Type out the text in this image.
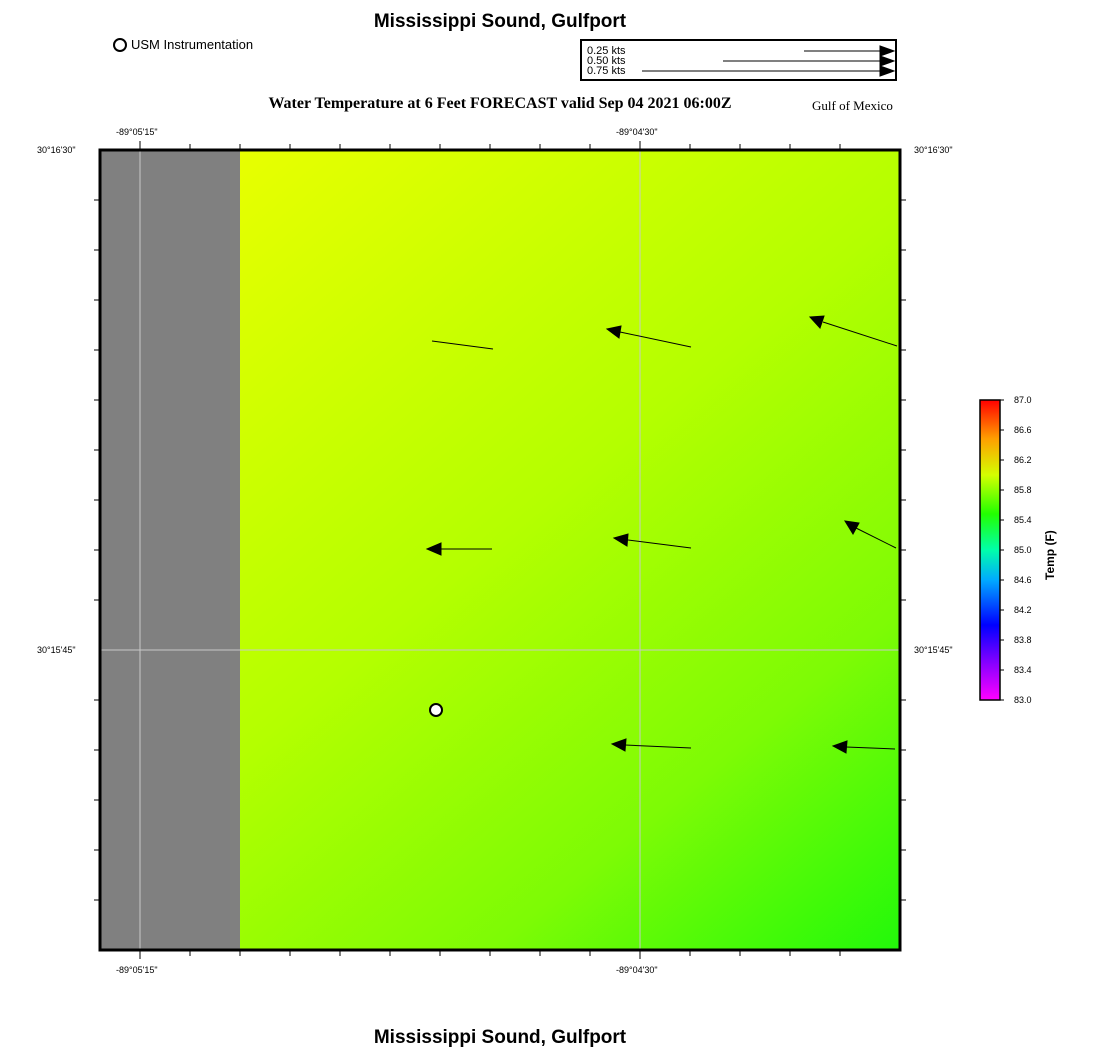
Mississippi Sound, Gulfport
USM Instrumentation	0.25 kts
0.50 kts
0.75 kts
Water Temperature at 6 Feet FORECAST valid Sep 04 2021 06:00Z	Gulf of Mexico
-89°05'15"	-89°04'30"
-89°05'15"	-89°04'30"
30°16'30"
30°15'45"
30°16'30"
30°15'45"
87.0
86.6
86.2
85.8
85.4
85.0
84.6
84.2
83.8
83.4
83.0
Temp (F)
Mississippi Sound, Gulfport
